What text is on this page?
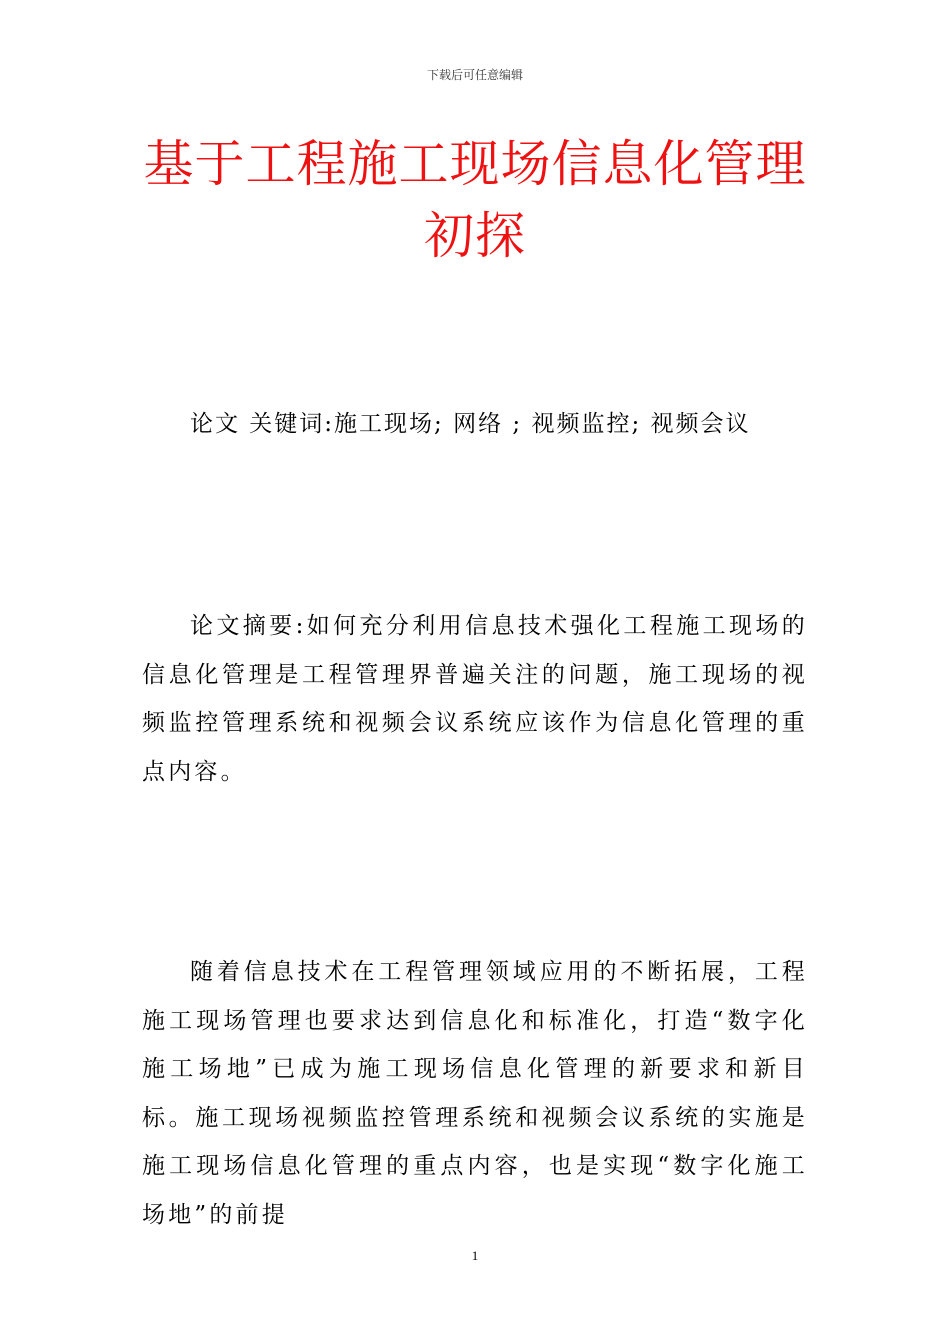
下载后可任意编辑
基于工程施工现场信息化管理初探
论文 关键词:施工现场; 网络 ; 视频监控; 视频会议

论文摘要:如何充分利用信息技术强化工程施工现场的信息化管理是工程管理界普遍关注的问题，施工现场的视频监控管理系统和视频会议系统应该作为信息化管理的重点内容。

随着信息技术在工程管理领域应用的不断拓展，工程施工现场管理也要求达到信息化和标准化，打造“数字化施工场地”已成为施工现场信息化管理的新要求和新目标。施工现场视频监控管理系统和视频会议系统的实施是施工现场信息化管理的重点内容，也是实现“数字化施工场地”的前提

1
